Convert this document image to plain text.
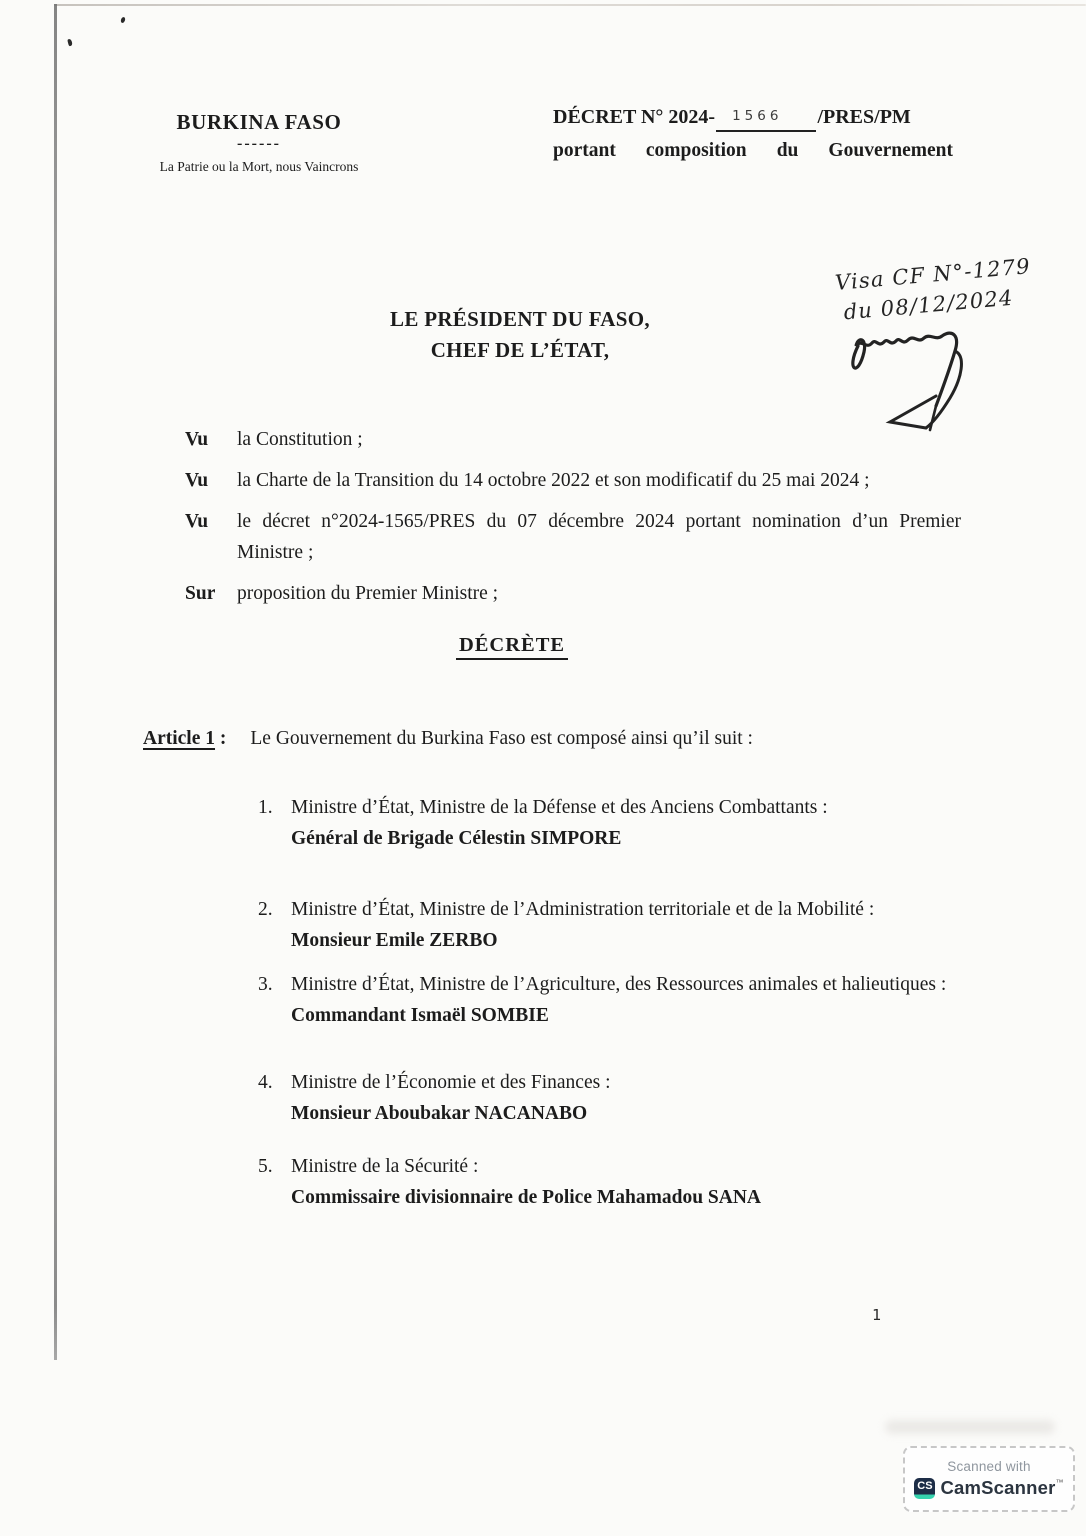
BURKINA FASO
------
La Patrie ou la Mort, nous Vaincrons
DÉCRET N° 2024- 1566 /PRES/PM
portant composition du Gouvernement
Visa CF N°-1279
du 08/12/2024
LE PRÉSIDENT DU FASO,
CHEF DE L’ÉTAT,
Vu	la Constitution ;
Vu	la Charte de la Transition du 14 octobre 2022 et son modificatif du 25 mai 2024 ;
Vu	le décret n°2024-1565/PRES du 07 décembre 2024 portant nomination d’un Premier Ministre ;
Sur	proposition du Premier Ministre ;
DÉCRÈTE
Article 1 : Le Gouvernement du Burkina Faso est composé ainsi qu’il suit :
1. Ministre d’État, Ministre de la Défense et des Anciens Combattants :

Général de Brigade Célestin SIMPORE

2. Ministre d’État, Ministre de l’Administration territoriale et de la Mobilité :

Monsieur Emile ZERBO

3. Ministre d’État, Ministre de l’Agriculture, des Ressources animales et halieutiques :

Commandant Ismaël SOMBIE

4. Ministre de l’Économie et des Finances :

Monsieur Aboubakar NACANABO

5. Ministre de la Sécurité :

Commissaire divisionnaire de Police Mahamadou SANA

1
Scanned with
CS CamScanner ™
